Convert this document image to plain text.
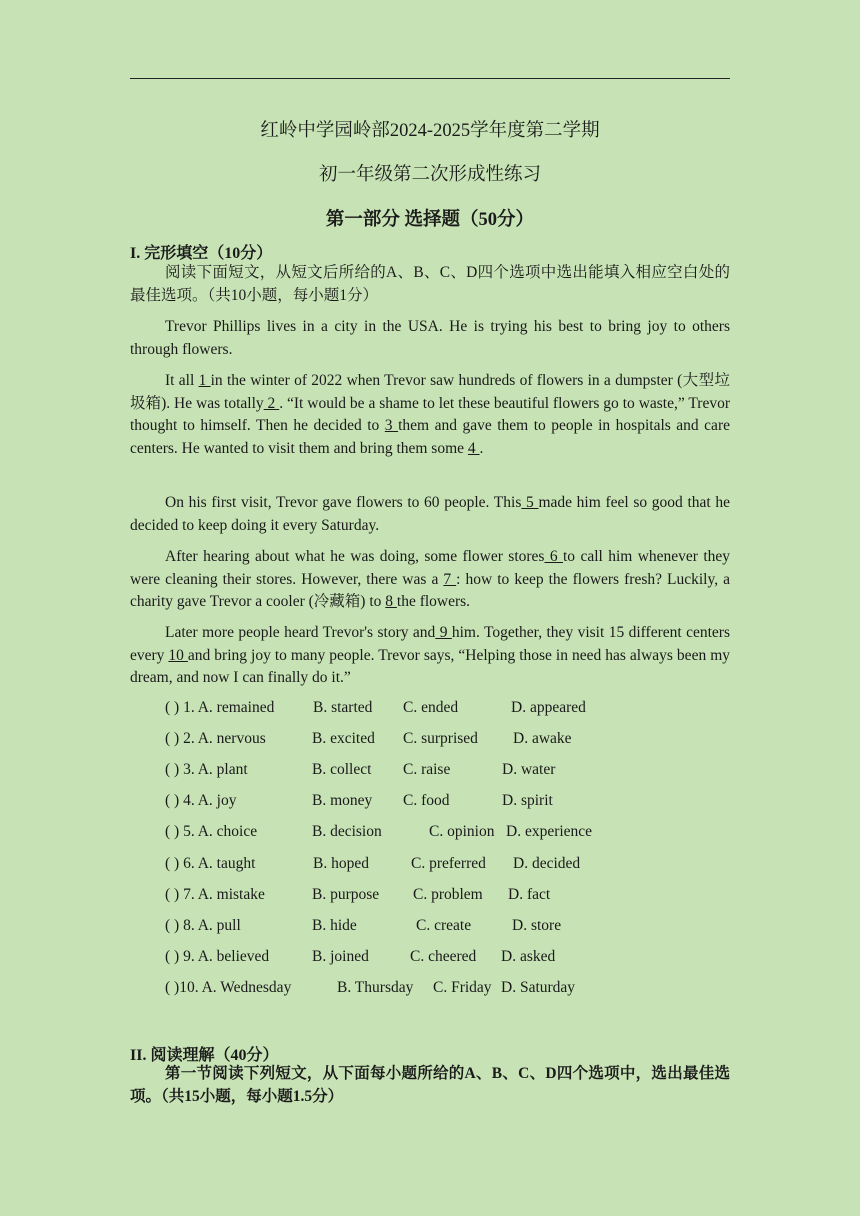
红岭中学园岭部2024-2025学年度第二学期
初一年级第二次形成性练习
第一部分 选择题（50分）
I. 完形填空（10分）
阅读下面短文，从短文后所给的A、B、C、D四个选项中选出能填入相应空白处的最佳选项。（共10小题，每小题1分）
Trevor Phillips lives in a city in the USA. He is trying his best to bring joy to others through flowers.
It all 1 in the winter of 2022 when Trevor saw hundreds of flowers in a dumpster (大型垃圾箱). He was totally 2 . “It would be a shame to let these beautiful flowers go to waste,” Trevor thought to himself. Then he decided to 3 them and gave them to people in hospitals and care centers. He wanted to visit them and bring them some 4 .
On his first visit, Trevor gave flowers to 60 people. This 5 made him feel so good that he decided to keep doing it every Saturday.
After hearing about what he was doing, some flower stores 6 to call him whenever they were cleaning their stores. However, there was a 7 : how to keep the flowers fresh? Luckily, a charity gave Trevor a cooler (冷藏箱) to 8 the flowers.
Later more people heard Trevor's story and 9 him. Together, they visit 15 different centers every 10 and bring joy to many people. Trevor says, “Helping those in need has always been my dream, and now I can finally do it.”

( ) 1. A. remained B. started C. ended	D. appeared

( ) 2. A. nervous	B. excited C. surprised D. awake

( ) 3. A. plant	B. collect C. raise	D. water

( ) 4. A. joy	B. money C. food	D. spirit

( ) 5. A. choice	B. decision	C. opinion D. experience

( ) 6. A. taught	B. hoped	C. preferred D. decided

( ) 7. A. mistake	B. purpose C. problem D. fact

( ) 8. A. pull	B. hide	C. create	D. store

( ) 9. A. believed	B. joined	C. cheered D. asked

( )10. A. Wednesday	B. Thursday C. Friday D. Saturday

II. 阅读理解（40分）
第一节阅读下列短文，从下面每小题所给的A、B、C、D四个选项中，选出最佳选项。（共15小题，每小题1.5分）
